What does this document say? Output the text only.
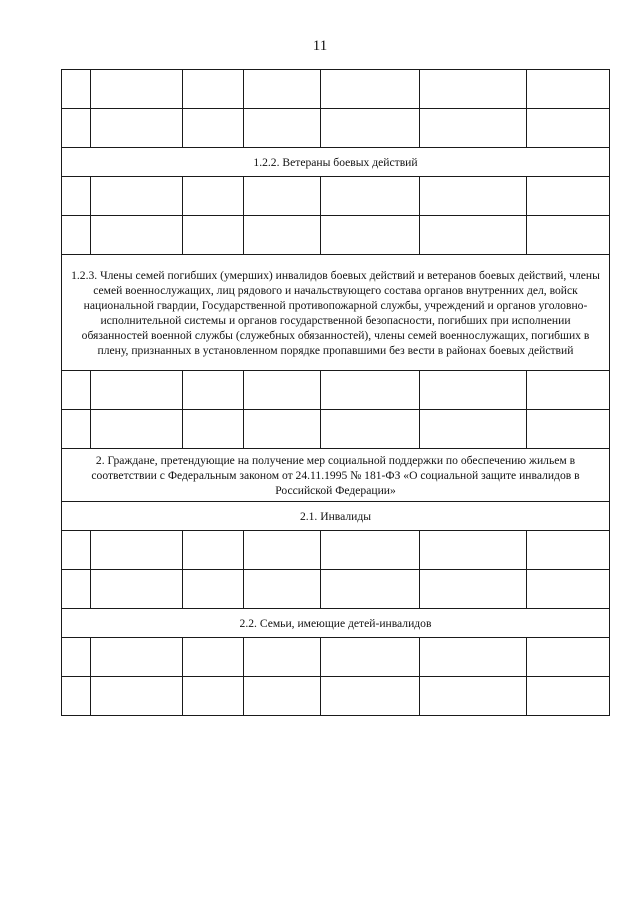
11

1.2.2. Ветераны боевых действий						

1.2.3. Члены семей погибших (умерших) инвалидов боевых действий и ветеранов боевых действий, члены семей военнослужащих, лиц рядового и начальствующего состава органов внутренних дел, войск национальной гвардии, Государственной противопожарной службы, учреждений и органов уголовно-исполнительной системы и органов государственной безопасности, погибших при исполнении обязанностей военной службы (служебных обязанностей), члены семей военнослужащих, погибших в плену, признанных в установленном порядке пропавшими без вести в районах боевых действий						

2. Граждане, претендующие на получение мер социальной поддержки по обеспечению жильем в соответствии с Федеральным законом от 24.11.1995 № 181-ФЗ «О социальной защите инвалидов в Российской Федерации»						
2.1. Инвалиды						

2.2. Семьи, имеющие детей-инвалидов						
